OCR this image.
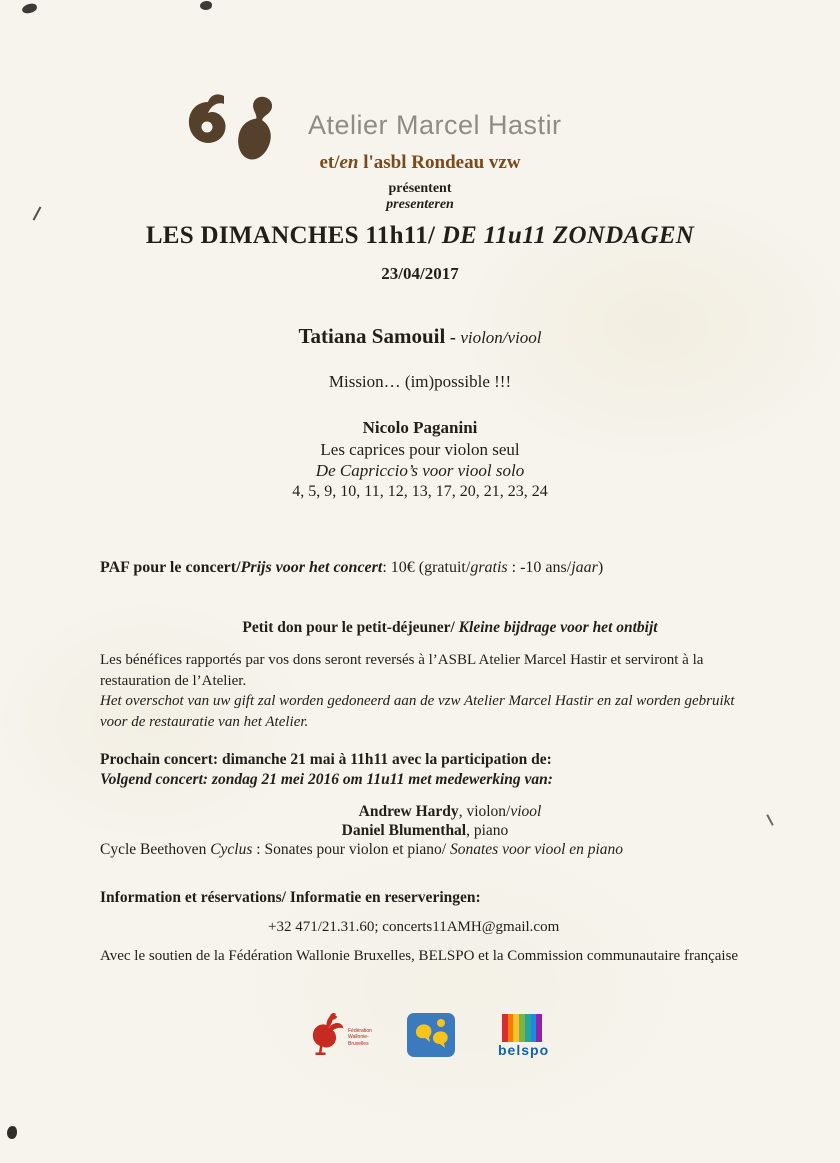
Atelier Marcel Hastir
et/en l'asbl Rondeau vzw
présentent
presenteren
LES DIMANCHES 11h11/ DE 11u11 ZONDAGEN
23/04/2017
Tatiana Samouil - violon/viool
Mission… (im)possible !!!
Nicolo Paganini
Les caprices pour violon seul
De Capriccio’s voor viool solo
4, 5, 9, 10, 11, 12, 13, 17, 20, 21, 23, 24
PAF pour le concert/Prijs voor het concert: 10€ (gratuit/gratis : -10 ans/jaar)
Petit don pour le petit-déjeuner/ Kleine bijdrage voor het ontbijt
Les bénéfices rapportés par vos dons seront reversés à l’ASBL Atelier Marcel Hastir et serviront à la restauration de l’Atelier.
Het overschot van uw gift zal worden gedoneerd aan de vzw Atelier Marcel Hastir en zal worden gebruikt voor de restauratie van het Atelier.
Prochain concert: dimanche 21 mai à 11h11 avec la participation de:
Volgend concert: zondag 21 mei 2016 om 11u11 met medewerking van:
Andrew Hardy, violon/viool
Daniel Blumenthal, piano
Cycle Beethoven Cyclus : Sonates pour violon et piano/ Sonates voor viool en piano
Information et réservations/ Informatie en reserveringen:
+32 471/21.31.60; concerts11AMH@gmail.com
Avec le soutien de la Fédération Wallonie Bruxelles, BELSPO et la Commission communautaire française
Fédération
Wallonie-
Bruxelles	belspo
